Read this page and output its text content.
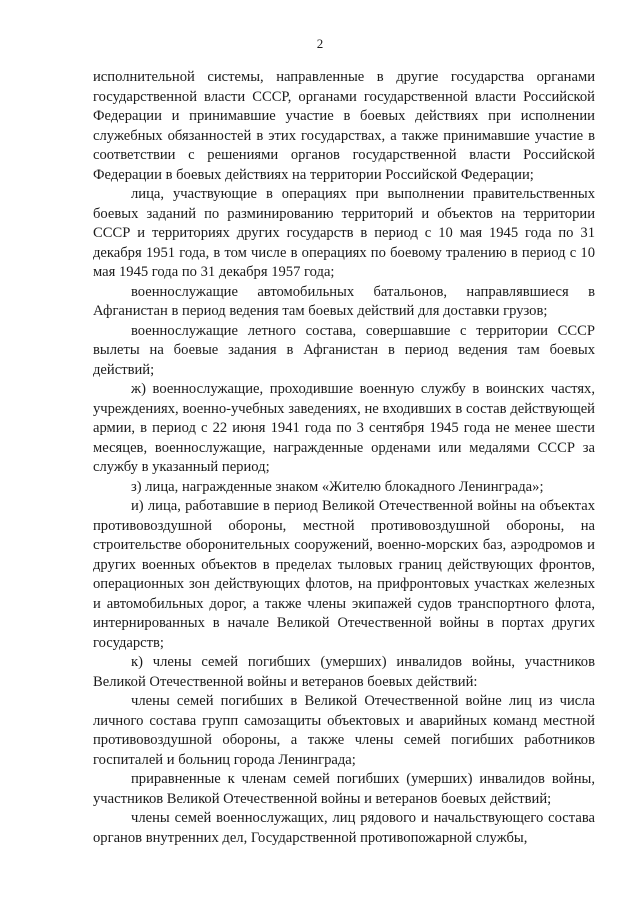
2

исполнительной системы, направленные в другие государства органами государственной власти СССР, органами государственной власти Российской Федерации и принимавшие участие в боевых действиях при исполнении служебных обязанностей в этих государствах, а также принимавшие участие в соответствии с решениями органов государственной власти Российской Федерации в боевых действиях на территории Российской Федерации;

лица, участвующие в операциях при выполнении правительственных боевых заданий по разминированию территорий и объектов на территории СССР и территориях других государств в период с 10 мая 1945 года по 31 декабря 1951 года, в том числе в операциях по боевому тралению в период с 10 мая 1945 года по 31 декабря 1957 года;

военнослужащие автомобильных батальонов, направлявшиеся в Афганистан в период ведения там боевых действий для доставки грузов;

военнослужащие летного состава, совершавшие с территории СССР вылеты на боевые задания в Афганистан в период ведения там боевых действий;

ж) военнослужащие, проходившие военную службу в воинских частях, учреждениях, военно-учебных заведениях, не входивших в состав действующей армии, в период с 22 июня 1941 года по 3 сентября 1945 года не менее шести месяцев, военнослужащие, награжденные орденами или медалями СССР за службу в указанный период;

з) лица, награжденные знаком «Жителю блокадного Ленинграда»;

и) лица, работавшие в период Великой Отечественной войны на объектах противовоздушной обороны, местной противовоздушной обороны, на строительстве оборонительных сооружений, военно-морских баз, аэродромов и других военных объектов в пределах тыловых границ действующих фронтов, операционных зон действующих флотов, на прифронтовых участках железных и автомобильных дорог, а также члены экипажей судов транспортного флота, интернированных в начале Великой Отечественной войны в портах других государств;

к) члены семей погибших (умерших) инвалидов войны, участников Великой Отечественной войны и ветеранов боевых действий:

члены семей погибших в Великой Отечественной войне лиц из числа личного состава групп самозащиты объектовых и аварийных команд местной противовоздушной обороны, а также члены семей погибших работников госпиталей и больниц города Ленинграда;

приравненные к членам семей погибших (умерших) инвалидов войны, участников Великой Отечественной войны и ветеранов боевых действий;

члены семей военнослужащих, лиц рядового и начальствующего состава органов внутренних дел, Государственной противопожарной службы,
